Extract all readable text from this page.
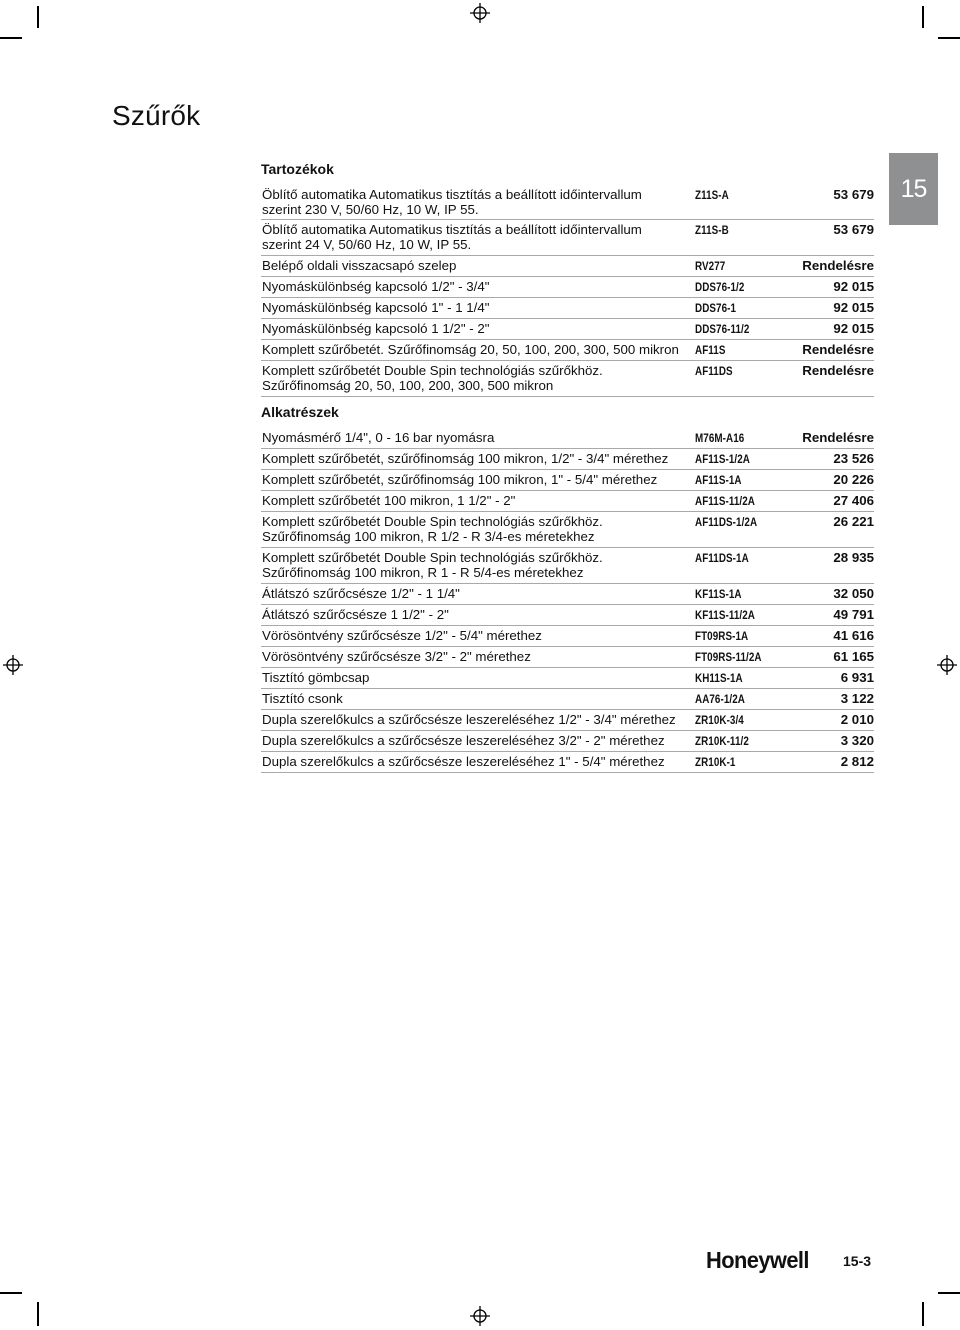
Szűrők
15
Tartozékok
Alkatrészek
Öblítő automatika Automatikus tisztítás a beállított időintervallum
szerint 230 V, 50/60 Hz, 10 W, IP 55.
Z11S-A	53 679
Öblítő automatika Automatikus tisztítás a beállított időintervallum
szerint 24 V, 50/60 Hz, 10 W, IP 55.
Z11S-B	53 679
Belépő oldali visszacsapó szelep	RV277	Rendelésre
Nyomáskülönbség kapcsoló 1/2" - 3/4"	DDS76-1/2	92 015
Nyomáskülönbség kapcsoló 1" - 1 1/4"	DDS76-1	92 015
Nyomáskülönbség kapcsoló 1 1/2" - 2"	DDS76-11/2	92 015
Komplett szűrőbetét. Szűrőfinomság 20, 50, 100, 200, 300, 500 mikron	AF11S	Rendelésre
Komplett szűrőbetét Double Spin technológiás szűrőkhöz.
Szűrőfinomság 20, 50, 100, 200, 300, 500 mikron
AF11DS	Rendelésre
Nyomásmérő 1/4", 0 - 16 bar nyomásra	M76M-A16	Rendelésre
Komplett szűrőbetét, szűrőfinomság 100 mikron, 1/2" - 3/4" mérethez	AF11S-1/2A	23 526
Komplett szűrőbetét, szűrőfinomság 100 mikron, 1" - 5/4" mérethez	AF11S-1A	20 226
Komplett szűrőbetét 100 mikron, 1 1/2" - 2"	AF11S-11/2A	27 406
Komplett szűrőbetét Double Spin technológiás szűrőkhöz.
Szűrőfinomság 100 mikron, R 1/2 - R 3/4-es méretekhez
AF11DS-1/2A	26 221
Komplett szűrőbetét Double Spin technológiás szűrőkhöz.
Szűrőfinomság 100 mikron, R 1 - R 5/4-es méretekhez
AF11DS-1A	28 935
Átlátszó szűrőcsésze 1/2" - 1 1/4"	KF11S-1A	32 050
Átlátszó szűrőcsésze 1 1/2" - 2"	KF11S-11/2A	49 791
Vörösöntvény szűrőcsésze 1/2" - 5/4" mérethez	FT09RS-1A	41 616
Vörösöntvény szűrőcsésze 3/2" - 2" mérethez	FT09RS-11/2A	61 165
Tisztító gömbcsap	KH11S-1A	6 931
Tisztító csonk	AA76-1/2A	3 122
Dupla szerelőkulcs a szűrőcsésze leszereléséhez 1/2" - 3/4" mérethez	ZR10K-3/4	2 010
Dupla szerelőkulcs a szűrőcsésze leszereléséhez 3/2" - 2" mérethez	ZR10K-11/2	3 320
Dupla szerelőkulcs a szűrőcsésze leszereléséhez 1" - 5/4" mérethez	ZR10K-1	2 812
Honeywell 15-3
